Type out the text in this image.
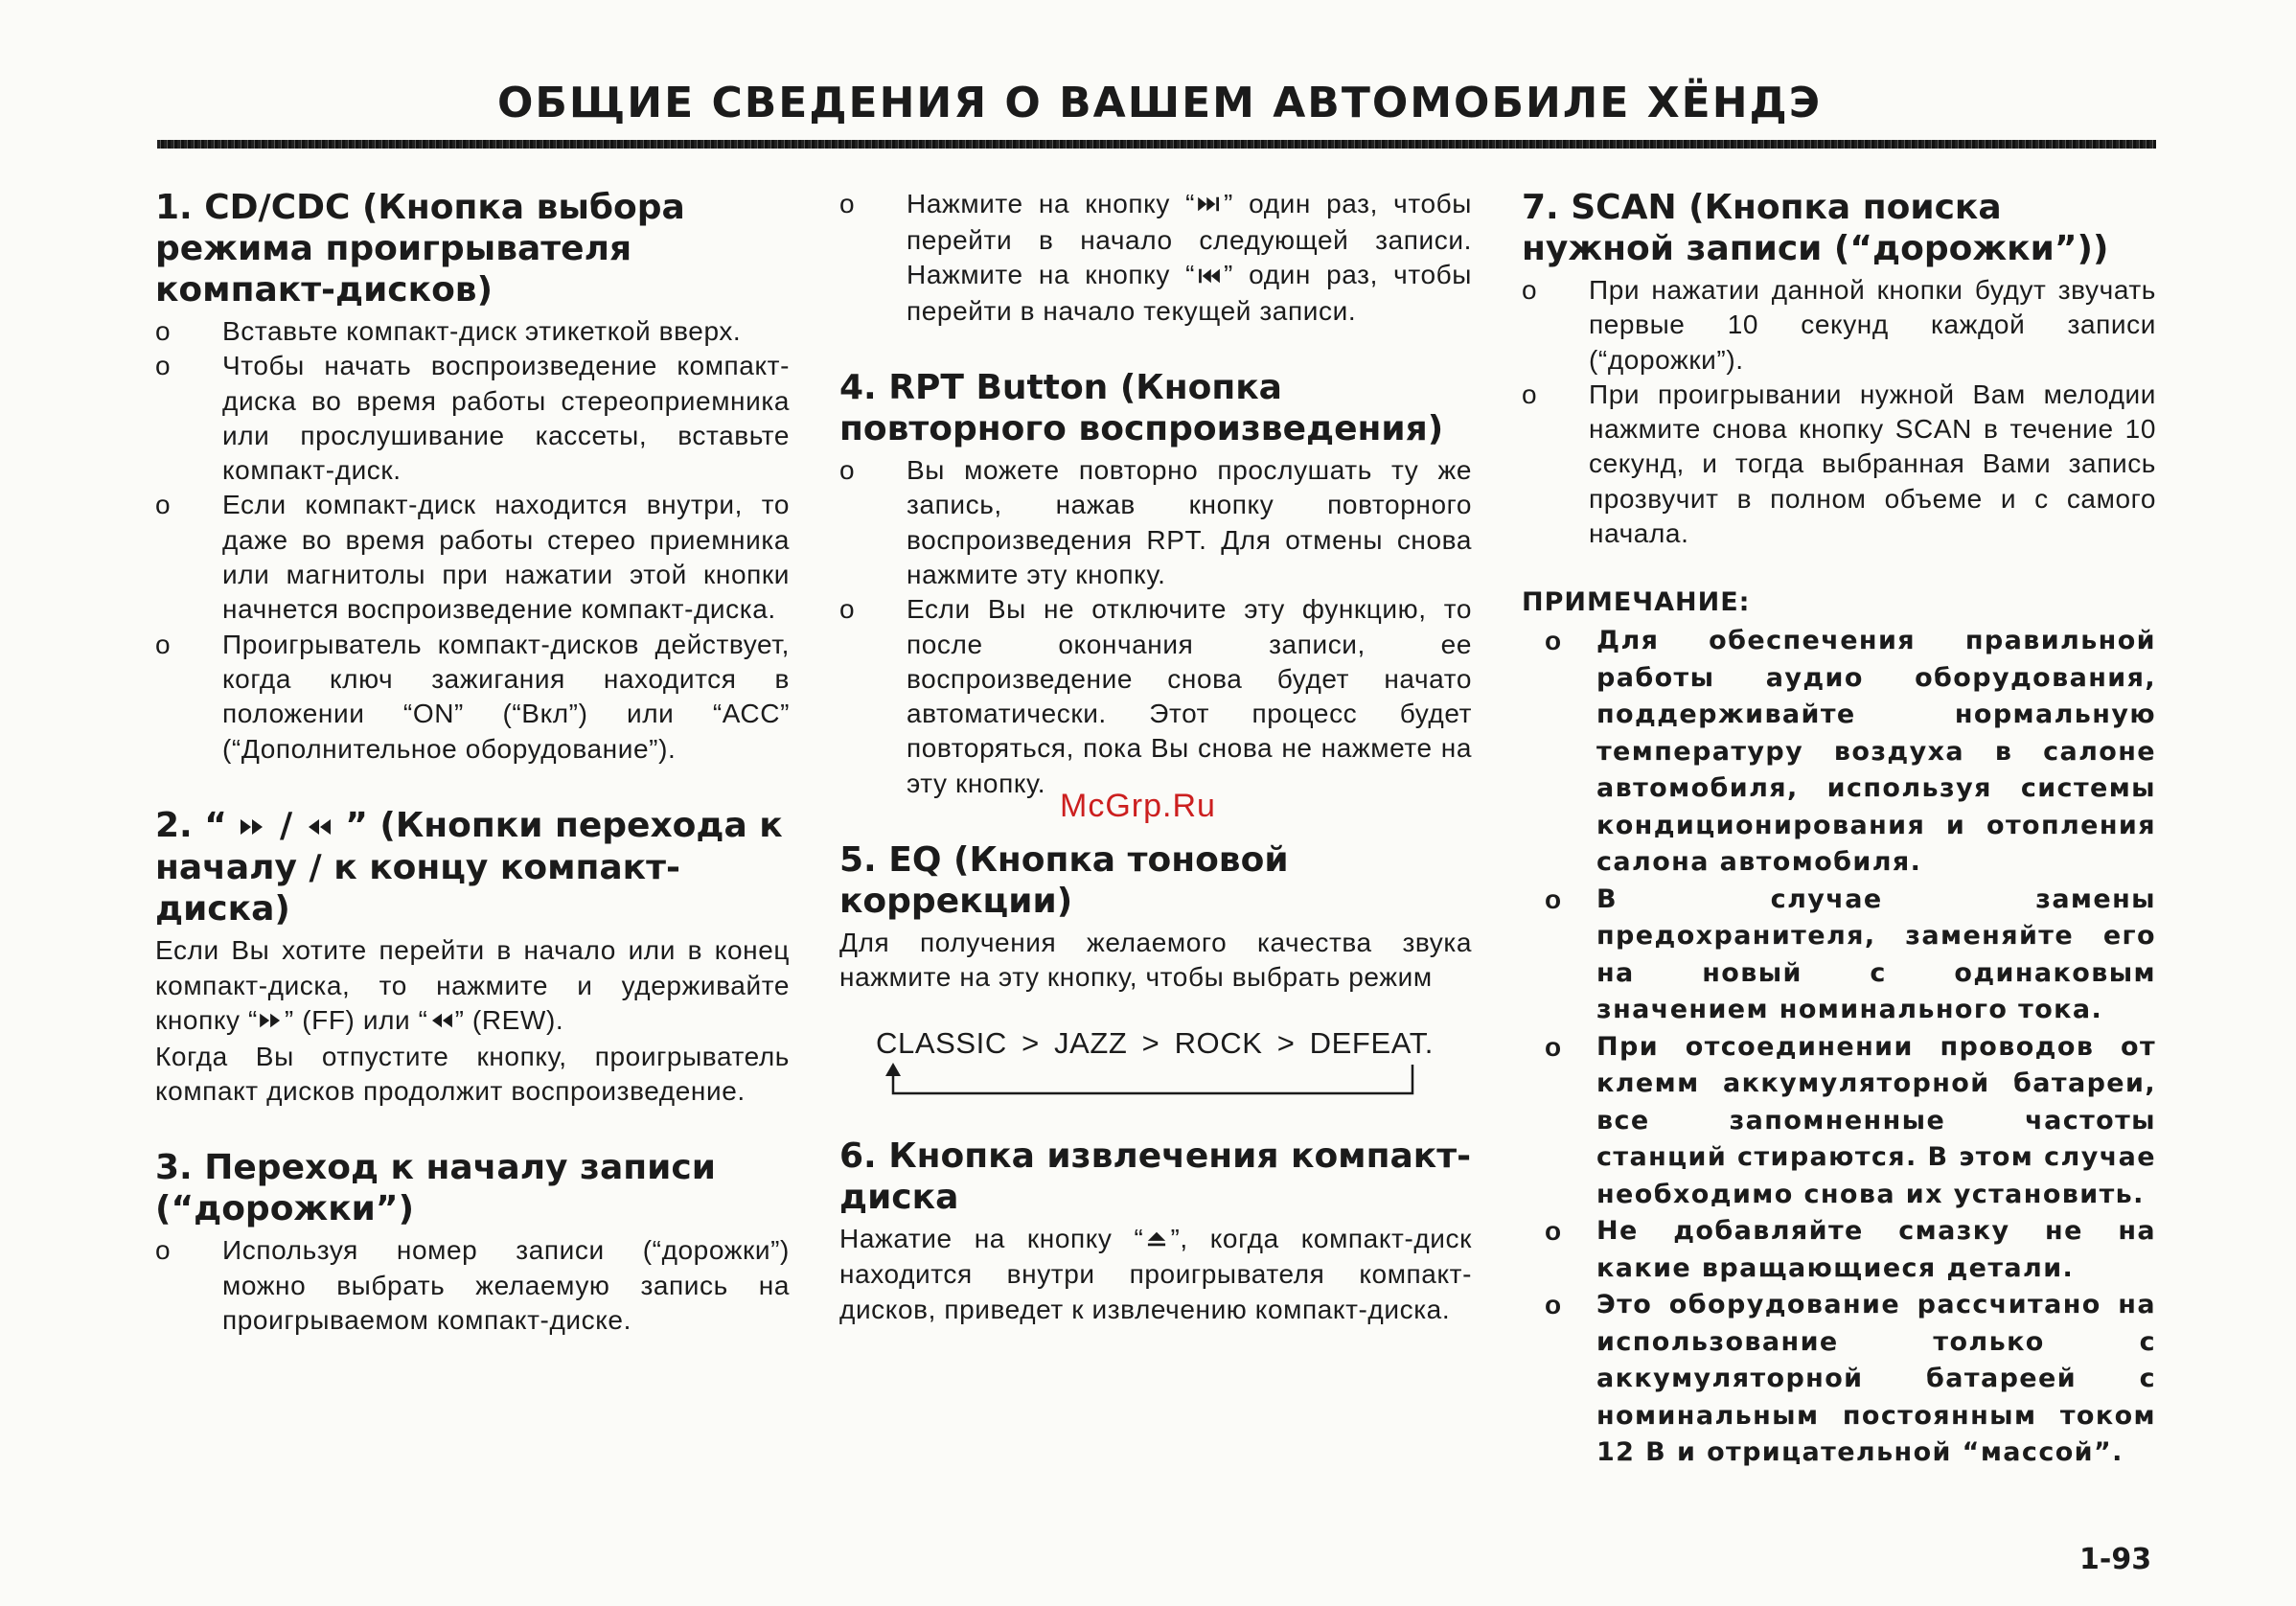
ОБЩИЕ СВЕДЕНИЯ О ВАШЕМ АВТОМОБИЛЕ ХЁНДЭ
1. CD/CDC (Кнопка выбора режима проигрывателя компакт-дисков)
o Вставьте компакт-диск этикеткой вверх.
o Чтобы начать воспроизведение компакт-диска во время работы стереоприемника или прослушивание кассеты, вставьте компакт-диск.
o Если компакт-диск находится внутри, то даже во время работы стерео приемника или магнитолы при нажатии этой кнопки начнется воспроизведение компакт-диска.
o Проигрыватель компакт-дисков действует, когда ключ зажигания находится в положении “ON” (“Вкл”) или “АСС” (“Дополнительное оборудование”).
2. “  /  ” (Кнопки перехода к началу / к концу компакт-диска)

Если Вы хотите перейти в начало или в конец компакт-диска, то нажмите и удерживайте кнопку “ ” (FF) или “ ” (REW).

Когда Вы отпустите кнопку, проигрыватель компакт дисков продолжит воспроизведение.

3. Переход к началу записи (“дорожки”)
o Используя номер записи (“дорожки”) можно выбрать желаемую запись на проигрываемом компакт-диске.
o Нажмите на кнопку “ ” один раз, чтобы перейти в начало следующей записи. Нажмите на кнопку “ ” один раз, чтобы перейти в начало текущей записи.
4. RPT Button (Кнопка повторного воспроизведения)
o Вы можете повторно прослушать ту же запись, нажав кнопку повторного воспроизведения RPT. Для отмены снова нажмите эту кнопку.
o Если Вы не отключите эту функцию, то после окончания записи, ее воспроизведение снова будет начато автоматически. Этот процесс будет повторяться, пока Вы снова не нажмете на эту кнопку.
5. EQ (Кнопка тоновой коррекции)

Для получения желаемого качества звука нажмите на эту кнопку, чтобы выбрать режим

CLASSIC > JAZZ > ROCK > DEFEAT.
6. Кнопка извлечения компакт-диска

Нажатие на кнопку “ ”, когда компакт-диск находится внутри проигрывателя компакт-дисков, приведет к извлечению компакт-диска.

7. SCAN (Кнопка поиска нужной записи (“дорожки”))
o При нажатии данной кнопки будут звучать первые 10 секунд каждой записи (“дорожки”).
o При проигрывании нужной Вам мелодии нажмите снова кнопку SCAN в течение 10 секунд, и тогда выбранная Вами запись прозвучит в полном объеме и с самого начала.
ПРИМЕЧАНИЕ:
o Для обеспечения правильной работы аудио оборудования, поддерживайте нормальную температуру воздуха в салоне автомобиля, используя системы кондиционирования и отопления салона автомобиля.
o В случае замены предохранителя, заменяйте его на новый с одинаковым значением номинального тока.
o При отсоединении проводов от клемм аккумуляторной батареи, все запомненные частоты станций стираются. В этом случае необходимо снова их установить.
o Не добавляйте смазку не на какие вращающиеся детали.
o Это оборудование рассчитано на использование только с аккумуляторной батареей с номинальным постоянным током 12 В и отрицательной “массой”.
McGrp.Ru
1-93
